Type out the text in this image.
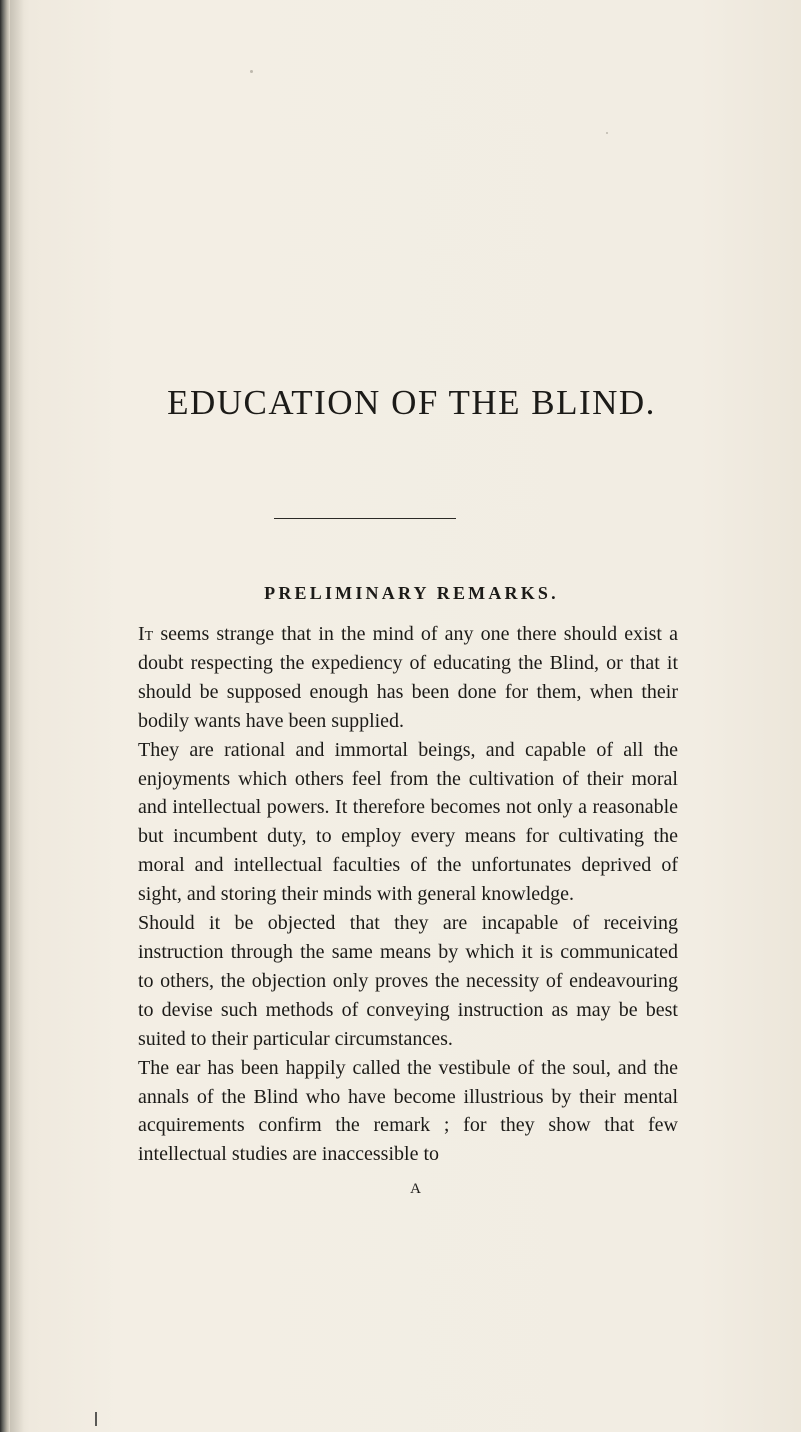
EDUCATION OF THE BLIND.
PRELIMINARY REMARKS.

It seems strange that in the mind of any one there should exist a doubt respecting the expediency of educating the Blind, or that it should be supposed enough has been done for them, when their bodily wants have been supplied.

They are rational and immortal beings, and capable of all the enjoyments which others feel from the cultivation of their moral and intellectual powers. It therefore becomes not only a reasonable but incumbent duty, to employ every means for cultivating the moral and intellectual faculties of the unfortunates deprived of sight, and storing their minds with general knowledge.

Should it be objected that they are incapable of receiving instruction through the same means by which it is communicated to others, the objection only proves the necessity of endeavouring to devise such methods of conveying instruction as may be best suited to their particular circumstances.

The ear has been happily called the vestibule of the soul, and the annals of the Blind who have become illustrious by their mental acquirements confirm the remark ; for they show that few intellectual studies are inaccessible to

A
